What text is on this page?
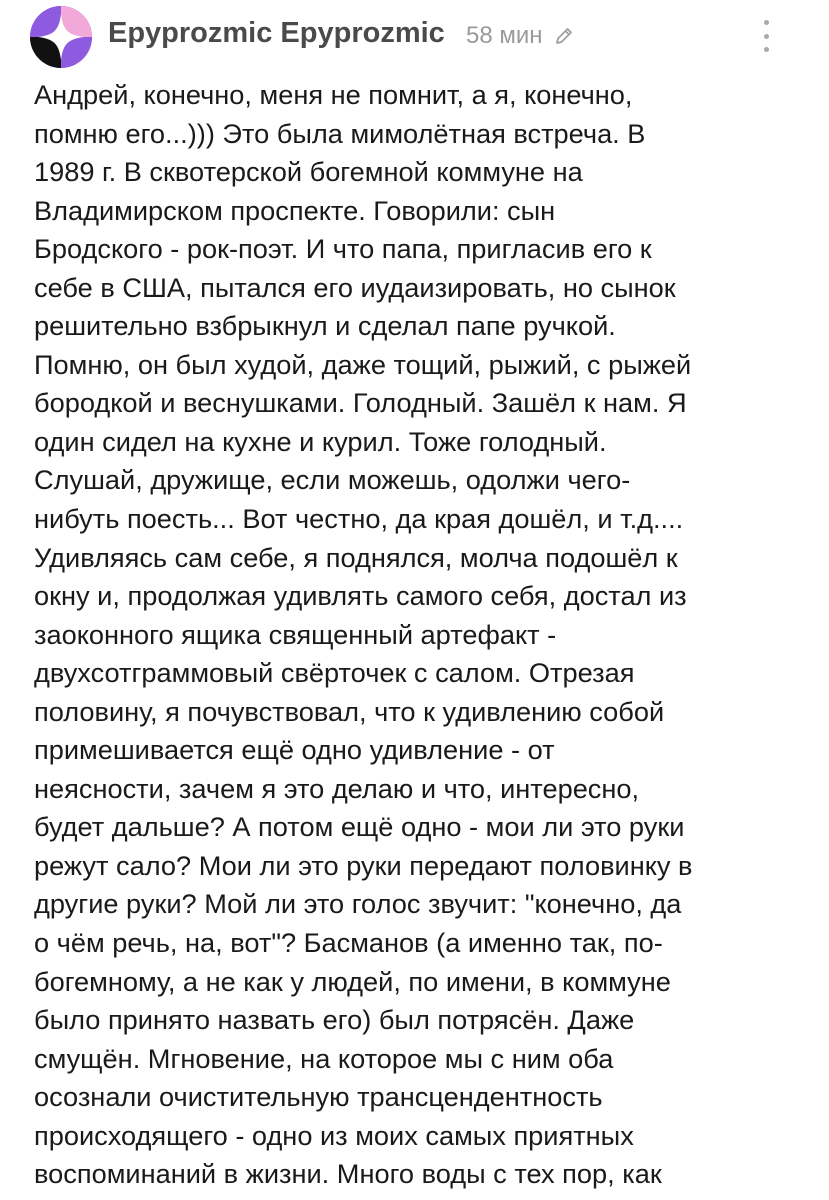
Epyprozmic Epyprozmic 58 мин
Андрей, конечно, меня не помнит, а я, конечно,
помню его...))) Это была мимолётная встреча. В
1989 г. В сквотерской богемной коммуне на
Владимирском проспекте. Говорили: сын
Бродского - рок-поэт. И что папа, пригласив его к
себе в США, пытался его иудаизировать, но сынок
решительно взбрыкнул и сделал папе ручкой.
Помню, он был худой, даже тощий, рыжий, с рыжей
бородкой и веснушками. Голодный. Зашёл к нам. Я
один сидел на кухне и курил. Тоже голодный.
Слушай, дружище, если можешь, одолжи чего-
нибуть поесть... Вот честно, да края дошёл, и т.д....
Удивляясь сам себе, я поднялся, молча подошёл к
окну и, продолжая удивлять самого себя, достал из
заоконного ящика священный артефакт -
двухсотграммовый свёрточек с салом. Отрезая
половину, я почувствовал, что к удивлению собой
примешивается ещё одно удивление - от
неясности, зачем я это делаю и что, интересно,
будет дальше? А потом ещё одно - мои ли это руки
режут сало? Мои ли это руки передают половинку в
другие руки? Мой ли это голос звучит: "конечно, да
о чём речь, на, вот"? Басманов (а именно так, по-
богемному, а не как у людей, по имени, в коммуне
было принято назвать его) был потрясён. Даже
смущён. Мгновение, на которое мы с ним оба
осознали очистительную трансцендентность
происходящего - одно из моих самых приятных
воспоминаний в жизни. Много воды с тех пор, как
